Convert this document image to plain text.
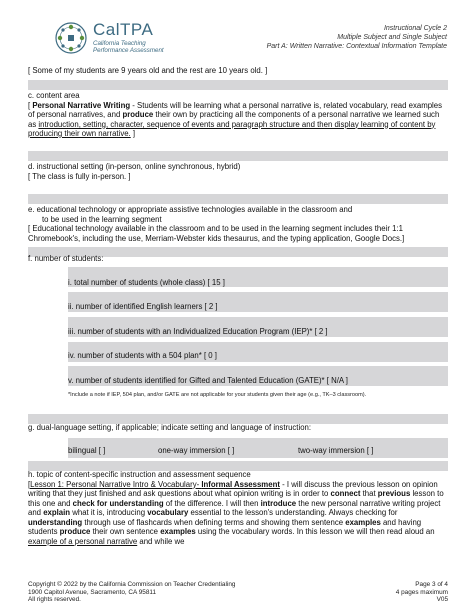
CalTPA
California Teaching
Performance Assessment
Instructional Cycle 2
Multiple Subject and Single Subject
Part A: Written Narrative: Contextual Information Template
[ Some of my students are 9 years old and the rest are 10 years old. ]
c. content area
[ Personal Narrative Writing - Students will be learning what a personal narrative is, related vocabulary, read examples of personal narratives, and produce their own by practicing all the components of a personal narrative we learned such as introduction, setting, character, sequence of events and paragraph structure and then display learning of content by producing their own narrative. ]
d. instructional setting (in-person, online synchronous, hybrid)
[ The class is fully in-person. ]
e. educational technology or appropriate assistive technologies available in the classroom and
to be used in the learning segment
[ Educational technology available in the classroom and to be used in the learning segment includes their 1:1 Chromebook's, including the use, Merriam-Webster kids thesaurus, and the typing application, Google Docs.]
f. number of students:
i. total number of students (whole class) [ 15 ]
ii. number of identified English learners [ 2 ]
iii. number of students with an Individualized Education Program (IEP)* [ 2 ]
iv. number of students with a 504 plan* [ 0 ]
v. number of students identified for Gifted and Talented Education (GATE)* [ N/A ]
*Include a note if IEP, 504 plan, and/or GATE are not applicable for your students given their age (e.g., TK–3 classroom).
g. dual-language setting, if applicable; indicate setting and language of instruction:
bilingual [ ]	one-way immersion [ ]	two-way immersion [ ]
h. topic of content-specific instruction and assessment sequence
[Lesson 1: Personal Narrative Intro & Vocabulary- Informal Assessment - I will discuss the previous lesson on opinion writing that they just finished and ask questions about what opinion writing is in order to connect that previous lesson to this one and check for understanding of the difference. I will then introduce the new personal narrative writing project and explain what it is, introducing vocabulary essential to the lesson's understanding. Always checking for understanding through use of flashcards when defining terms and showing them sentence examples and having students produce their own sentence examples using the vocabulary words. In this lesson we will then read aloud an example of a personal narrative and while we
Copyright © 2022 by the California Commission on Teacher Credentialing
1900 Capitol Avenue, Sacramento, CA 95811
All rights reserved.
Page 3 of 4
4 pages maximum
V05
